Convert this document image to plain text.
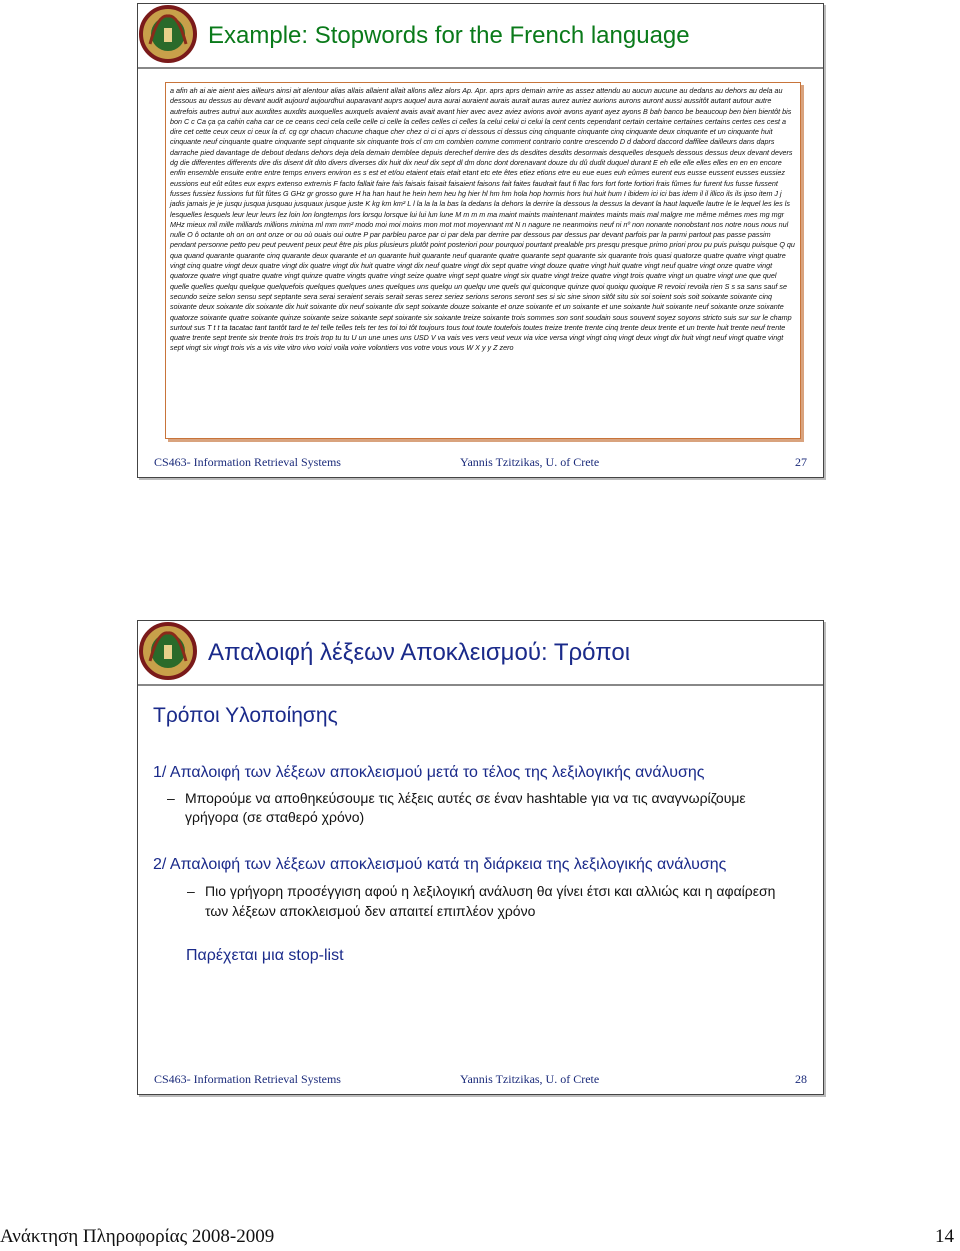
Example: Stopwords for the French language
a afin ah ai aie aient aies ailleurs ainsi ait alentour alias allais allaient allait allons allez alors Ap. Apr. aprs aprs demain arrire as assez attendu au aucun aucune au dedans au dehors au dela au dessous au dessus au devant audit aujourd aujourdhui auparavant auprs auquel aura aurai auraient aurais aurait auras aurez auriez aurions aurons auront aussi aussitôt autant autour autre autrefois autres autrui aux auxdites auxdits auxquelles auxquels avaient avais avait avant hier avec avez aviez avions avoir avons ayant ayez ayons B bah banco be beaucoup ben bien bientôt bis bon C c Ca ça ça cahin caha car ce ce ceans ceci cela celle celle ci celle la celles celles ci celles la celui celui ci celui la cent cents cependant certain certaine certaines certains certes ces cest a dire cet cette ceux ceux ci ceux la cf. cg cgr chacun chacune chaque cher chez ci ci ci aprs ci dessous ci dessus cinq cinquante cinquante cinq cinquante deux cinquante et un cinquante huit cinquante neuf cinquante quatre cinquante sept cinquante six cinquante trois cl cm cm combien comme comment contrario contre crescendo D d dabord daccord daffilee dailleurs dans daprs darrache pied davantage de debout dedans dehors deja dela demain demblee depuis derechef derrire des ds desdites desdits desormais desquelles desquels dessous dessus deux devant devers dg die differentes differents dire dis disent dit dito divers diverses dix huit dix neuf dix sept dl dm donc dont dorenavant douze du dû dudit duquel durant E eh elle elle elles elles en en en encore enfin ensemble ensuite entre entre temps envers environ es s est et et/ou etaient etais etait etant etc ete êtes etiez etions etre eu eue eues euh eûmes eurent eus eusse eussent eusses eussiez eussions eut eût eûtes eux exprs extenso extremis F facto fallait faire fais faisais faisait faisaient faisons fait faites faudrait faut fi flac fors fort forte fortiori frais fûmes fur furent fus fusse fussent fusses fussiez fussions fut fût fûtes G GHz gr grosso gure H ha han haut he hein hem heu hg hier hl hm hm hola hop hormis hors hui huit hum I ibidem ici ici bas idem il il illico ils ils ipso item J j jadis jamais je je jusqu jusqua jusquau jusquaux jusque juste K kg km km² L l la la la la bas la dedans la dehors la derrire la dessous la dessus la devant la haut laquelle lautre le le lequel les les ls lesquelles lesquels leur leur leurs lez loin lon longtemps lors lorsqu lorsque lui lui lun lune M m m m ma maint maints maintenant maintes maints mais mal malgre me même mêmes mes mg mgr MHz mieux mil mille milliards millions minima ml mm mm² modo moi moi moins mon mot mot moyennant mt N n nagure ne neanmoins neuf ni nº non nonante nonobstant nos notre nous nous nul nulle O ô octante oh on on ont onze or ou où ouais oui outre P par parbleu parce par ci par dela par derrire par dessous par dessus par devant parfois par la parmi partout pas passe passim pendant personne petto peu peut peuvent peux peut être pis plus plusieurs plutôt point posteriori pour pourquoi pourtant prealable prs presqu presque primo priori prou pu puis puisqu puisque Q qu qua quand quarante quarante cinq quarante deux quarante et un quarante huit quarante neuf quarante quatre quarante sept quarante six quarante trois quasi quatorze quatre quatre vingt quatre vingt cinq quatre vingt deux quatre vingt dix quatre vingt dix huit quatre vingt dix neuf quatre vingt dix sept quatre vingt douze quatre vingt huit quatre vingt neuf quatre vingt onze quatre vingt quatorze quatre vingt quatre quatre vingt quinze quatre vingts quatre vingt seize quatre vingt sept quatre vingt six quatre vingt treize quatre vingt trois quatre vingt un quatre vingt une que quel quelle quelles quelqu quelque quelquefois quelques quelques unes quelques uns quelqu un quelqu une quels qui quiconque quinze quoi quoiqu quoique R revoici revoila rien S s sa sans sauf se secundo seize selon sensu sept septante sera serai seraient serais serait seras serez seriez serions serons seront ses si sic sine sinon sitôt situ six soi soient sois soit soixante soixante cinq soixante deux soixante dix soixante dix huit soixante dix neuf soixante dix sept soixante douze soixante et onze soixante et un soixante et une soixante huit soixante neuf soixante onze soixante quatorze soixante quatre soixante quinze soixante seize soixante sept soixante six soixante treize soixante trois sommes son sont soudain sous souvent soyez soyons stricto suis sur sur le champ surtout sus T t t ta tacatac tant tantôt tard te tel telle telles tels ter tes toi toi tôt toujours tous tout toute toutefois toutes treize trente trente cinq trente deux trente et un trente huit trente neuf trente quatre trente sept trente six trente trois trs trois trop tu tu U un une unes uns USD V va vais ves vers veut veux via vice versa vingt vingt cinq vingt deux vingt dix huit vingt neuf vingt quatre vingt sept vingt six vingt trois vis a vis vite vitro vivo voici voila voire volontiers vos votre vous vous W X y y Z zero
CS463- Information Retrieval Systems	Yannis Tzitzikas, U. of Crete	27
Απαλοιφή λέξεων Αποκλεισμού: Τρόποι
Τρόποι Υλοποίησης
1/ Απαλοιφή των λέξεων αποκλεισμού μετά το τέλος της λεξιλογικής ανάλυσης
– Μπορούμε να αποθηκεύσουμε τις λέξεις αυτές σε έναν hashtable για να τις αναγνωρίζουμε γρήγορα (σε σταθερό χρόνο)
2/ Απαλοιφή των λέξεων αποκλεισμού κατά τη διάρκεια της λεξιλογικής ανάλυσης
– Πιο γρήγορη προσέγγιση αφού η λεξιλογική ανάλυση θα γίνει έτσι και αλλιώς και η αφαίρεση των λέξεων αποκλεισμού δεν απαιτεί επιπλέον χρόνο
Παρέχεται μια stop-list
CS463- Information Retrieval Systems	Yannis Tzitzikas, U. of Crete	28
Ανάκτηση Πληροφορίας 2008-2009	14
